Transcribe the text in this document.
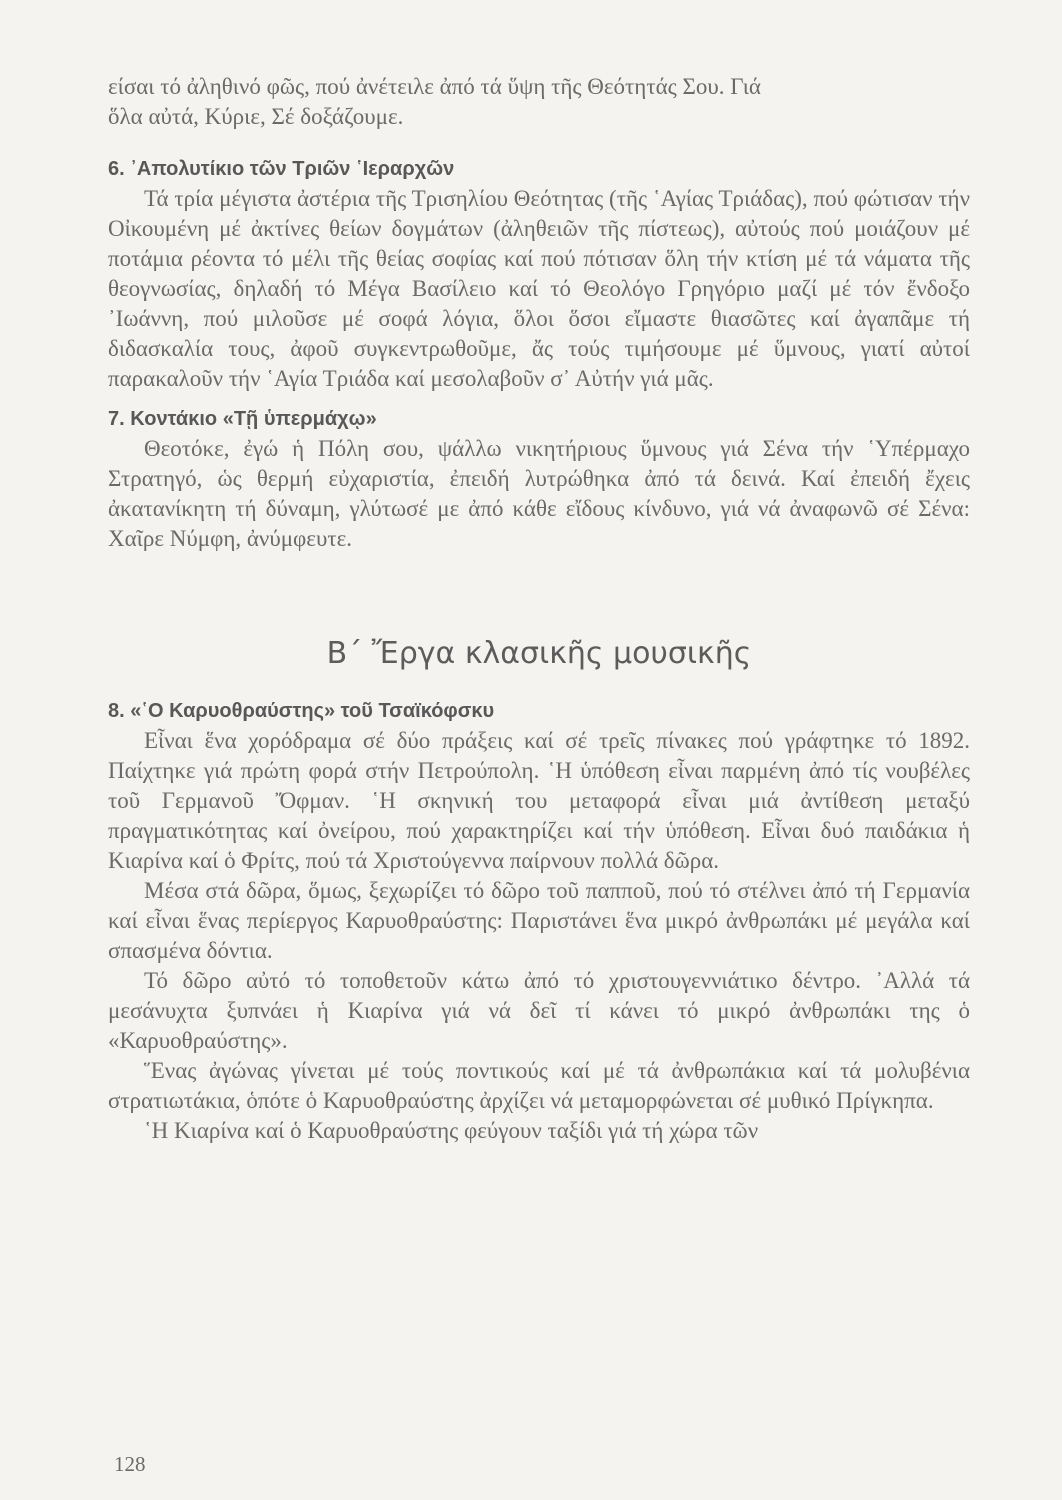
είσαι τό ἀληθινό φῶς, πού ἀνέτειλε ἀπό τά ὕψη τῆς Θεότητάς Σου. Γιά

ὅλα αὐτά, Κύριε, Σέ δοξάζουμε.

6. ᾿Απολυτίκιο τῶν Τριῶν ῾Ιεραρχῶν

Τά τρία μέγιστα ἀστέρια τῆς Τρισηλίου Θεότητας (τῆς ῾Αγίας Τριάδας), πού φώτισαν τήν Οἰκουμένη μέ ἀκτίνες θείων δογμάτων (ἀληθειῶν τῆς πίστεως), αὐτούς πού μοιάζουν μέ ποτάμια ρέοντα τό μέλι τῆς θείας σοφίας καί πού πότισαν ὅλη τήν κτίση μέ τά νάματα τῆς θεογνωσίας, δηλαδή τό Μέγα Βασίλειο καί τό Θεολόγο Γρηγόριο μαζί μέ τόν ἔνδοξο ᾿Ιωάννη, πού μιλοῦσε μέ σοφά λόγια, ὅλοι ὅσοι εἴμαστε θιασῶτες καί ἀγαπᾶμε τή διδασκαλία τους, ἀφοῦ συγκεντρωθοῦμε, ἄς τούς τιμήσουμε μέ ὕμνους, γιατί αὐτοί παρακαλοῦν τήν ῾Αγία Τριάδα καί μεσολαβοῦν σ᾿ Αὐτήν γιά μᾶς.

7. Κοντάκιο «Τῇ ὑπερμάχῳ»

Θεοτόκε, ἐγώ ἡ Πόλη σου, ψάλλω νικητήριους ὕμνους γιά Σένα τήν ῾Υπέρμαχο Στρατηγό, ὡς θερμή εὐχαριστία, ἐπειδή λυτρώθηκα ἀπό τά δεινά. Καί ἐπειδή ἔχεις ἀκατανίκητη τή δύναμη, γλύτωσέ με ἀπό κάθε εἴδους κίνδυνο, γιά νά ἀναφωνῶ σέ Σένα: Χαῖρε Νύμφη, ἀνύμφευτε.

Β΄ Ἔργα κλασικῆς μουσικῆς
8. «῾Ο Καρυοθραύστης» τοῦ Τσαϊκόφσκυ

Εἶναι ἕνα χορόδραμα σέ δύο πράξεις καί σέ τρεῖς πίνακες πού γράφτηκε τό 1892. Παίχτηκε γιά πρώτη φορά στήν Πετρούπολη. ῾Η ὑπόθεση εἶναι παρμένη ἀπό τίς νουβέλες τοῦ Γερμανοῦ Ὄφμαν. ῾Η σκηνική του μεταφορά εἶναι μιά ἀντίθεση μεταξύ πραγματικότητας καί ὀνείρου, πού χαρακτηρίζει καί τήν ὑπόθεση. Εἶναι δυό παιδάκια ἡ Κιαρίνα καί ὁ Φρίτς, πού τά Χριστούγεννα παίρνουν πολλά δῶρα.

Μέσα στά δῶρα, ὅμως, ξεχωρίζει τό δῶρο τοῦ παπποῦ, πού τό στέλνει ἀπό τή Γερμανία καί εἶναι ἕνας περίεργος Καρυοθραύστης: Παριστάνει ἕνα μικρό ἀνθρωπάκι μέ μεγάλα καί σπασμένα δόντια.

Τό δῶρο αὐτό τό τοποθετοῦν κάτω ἀπό τό χριστουγεννιάτικο δέντρο. ᾿Αλλά τά μεσάνυχτα ξυπνάει ἡ Κιαρίνα γιά νά δεῖ τί κάνει τό μικρό ἀνθρωπάκι της ὁ «Καρυοθραύστης».

Ἕνας ἀγώνας γίνεται μέ τούς ποντικούς καί μέ τά ἀνθρωπάκια καί τά μολυβένια στρατιωτάκια, ὁπότε ὁ Καρυοθραύστης ἀρχίζει νά μεταμορφώνεται σέ μυθικό Πρίγκηπα.

῾Η Κιαρίνα καί ὁ Καρυοθραύστης φεύγουν ταξίδι γιά τή χώρα τῶν

128
